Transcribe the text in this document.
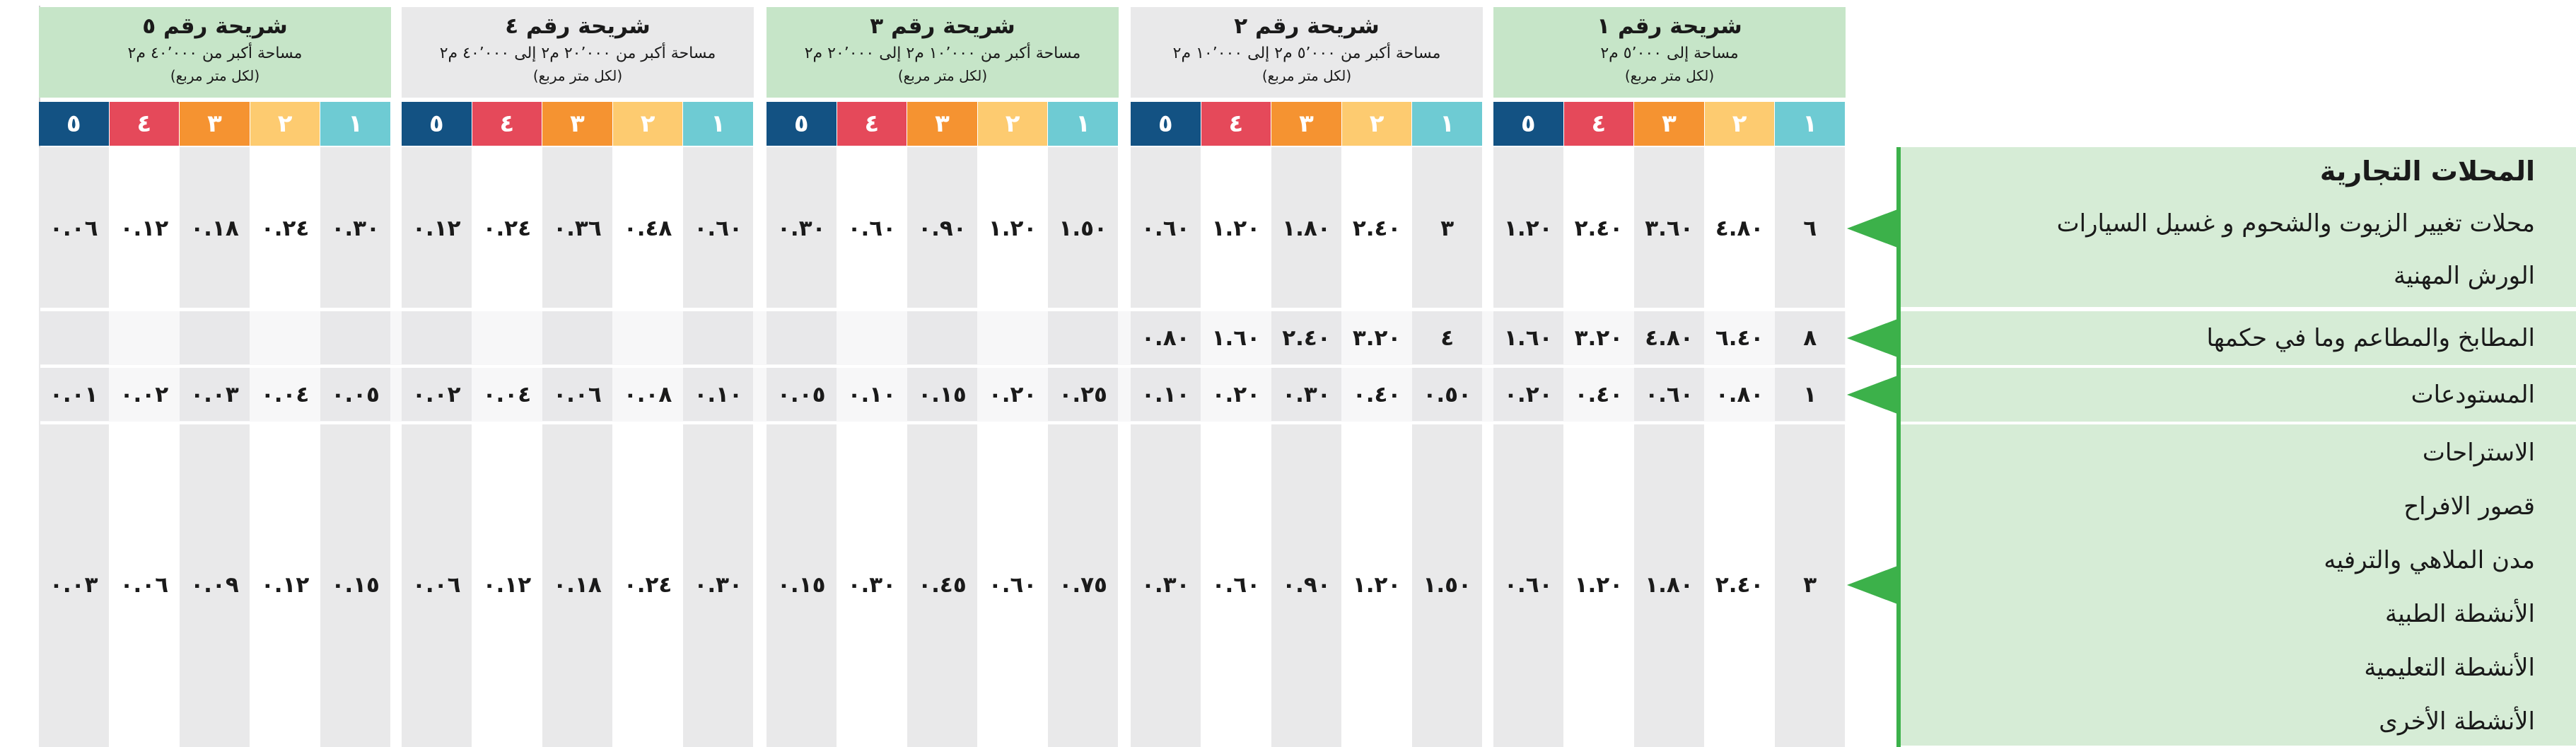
شريحة رقم ١
مساحة إلى ٥٬٠٠٠ م٢
(لكل متر مربع)
١
٢
٣
٤
٥
شريحة رقم ٢
مساحة أكبر من ٥٬٠٠٠ م٢ إلى ١٠٬٠٠٠ م٢
(لكل متر مربع)
١
٢
٣
٤
٥
شريحة رقم ٣
مساحة أكبر من ١٠٬٠٠٠ م٢ إلى ٢٠٬٠٠٠ م٢
(لكل متر مربع)
١
٢
٣
٤
٥
شريحة رقم ٤
مساحة أكبر من ٢٠٬٠٠٠ م٢ إلى ٤٠٬٠٠٠ م٢
(لكل متر مربع)
١
٢
٣
٤
٥
شريحة رقم ٥
مساحة أكبر من ٤٠٬٠٠٠ م٢
(لكل متر مربع)
١
٢
٣
٤
٥
المحلات التجارية
محلات تغيير الزيوت والشحوم و غسيل السيارات
الورش المهنية
المطابخ والمطاعم وما في حكمها
المستودعات
الاستراحات
قصور الافراح
مدن الملاهي والترفيه
الأنشطة الطبية
الأنشطة التعليمية
الأنشطة الأخرى
٦
٤.٨٠
٣.٦٠
٢.٤٠
١.٢٠
٣
٢.٤٠
١.٨٠
١.٢٠
٠.٦٠
١.٥٠
١.٢٠
٠.٩٠
٠.٦٠
٠.٣٠
٠.٦٠
٠.٤٨
٠.٣٦
٠.٢٤
٠.١٢
٠.٣٠
٠.٢٤
٠.١٨
٠.١٢
٠.٠٦
٨
٦.٤٠
٤.٨٠
٣.٢٠
١.٦٠
٤
٣.٢٠
٢.٤٠
١.٦٠
٠.٨٠
١
٠.٨٠
٠.٦٠
٠.٤٠
٠.٢٠
٠.٥٠
٠.٤٠
٠.٣٠
٠.٢٠
٠.١٠
٠.٢٥
٠.٢٠
٠.١٥
٠.١٠
٠.٠٥
٠.١٠
٠.٠٨
٠.٠٦
٠.٠٤
٠.٠٢
٠.٠٥
٠.٠٤
٠.٠٣
٠.٠٢
٠.٠١
٣
٢.٤٠
١.٨٠
١.٢٠
٠.٦٠
١.٥٠
١.٢٠
٠.٩٠
٠.٦٠
٠.٣٠
٠.٧٥
٠.٦٠
٠.٤٥
٠.٣٠
٠.١٥
٠.٣٠
٠.٢٤
٠.١٨
٠.١٢
٠.٠٦
٠.١٥
٠.١٢
٠.٠٩
٠.٠٦
٠.٠٣
